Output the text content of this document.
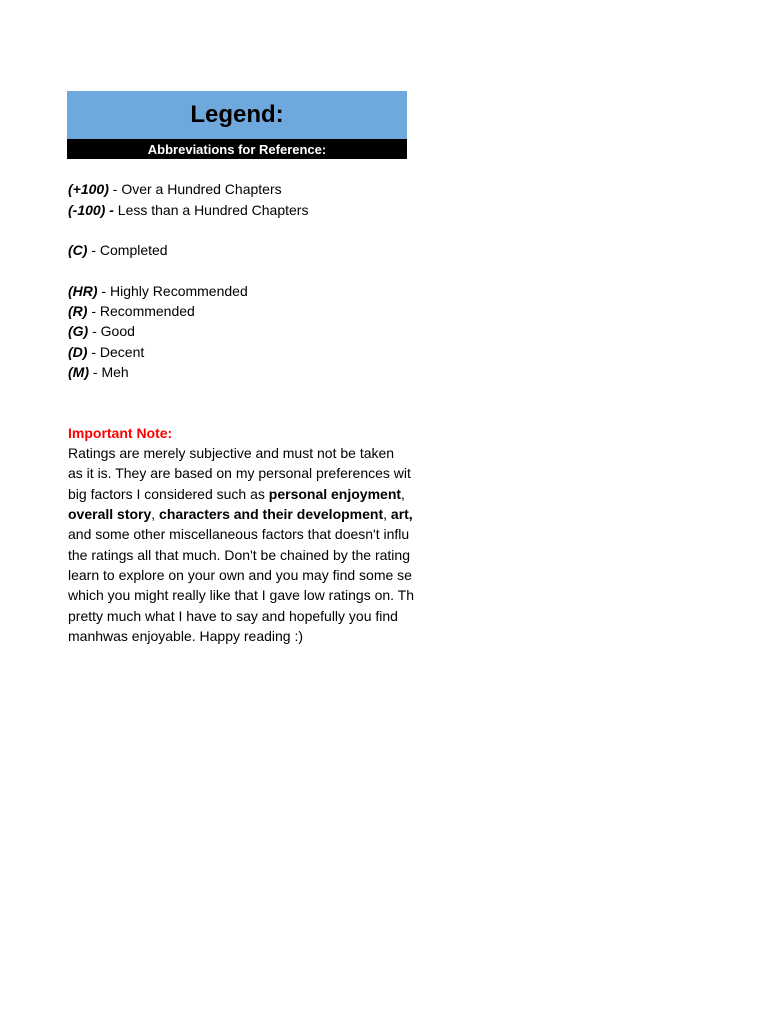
Legend:
Abbreviations for Reference:
(+100) - Over a Hundred Chapters
(-100) - Less than a Hundred Chapters
(C) - Completed
(HR) - Highly Recommended
(R) - Recommended
(G) - Good
(D) - Decent
(M) - Meh
Important Note:
Ratings are merely subjective and must not be taken
as it is. They are based on my personal preferences wit
big factors I considered such as personal enjoyment,
overall story, characters and their development, art,
and some other miscellaneous factors that doesn't influ
the ratings all that much. Don't be chained by the rating
learn to explore on your own and you may find some se
which you might really like that I gave low ratings on. Th
pretty much what I have to say and hopefully you find
manhwas enjoyable. Happy reading :)
